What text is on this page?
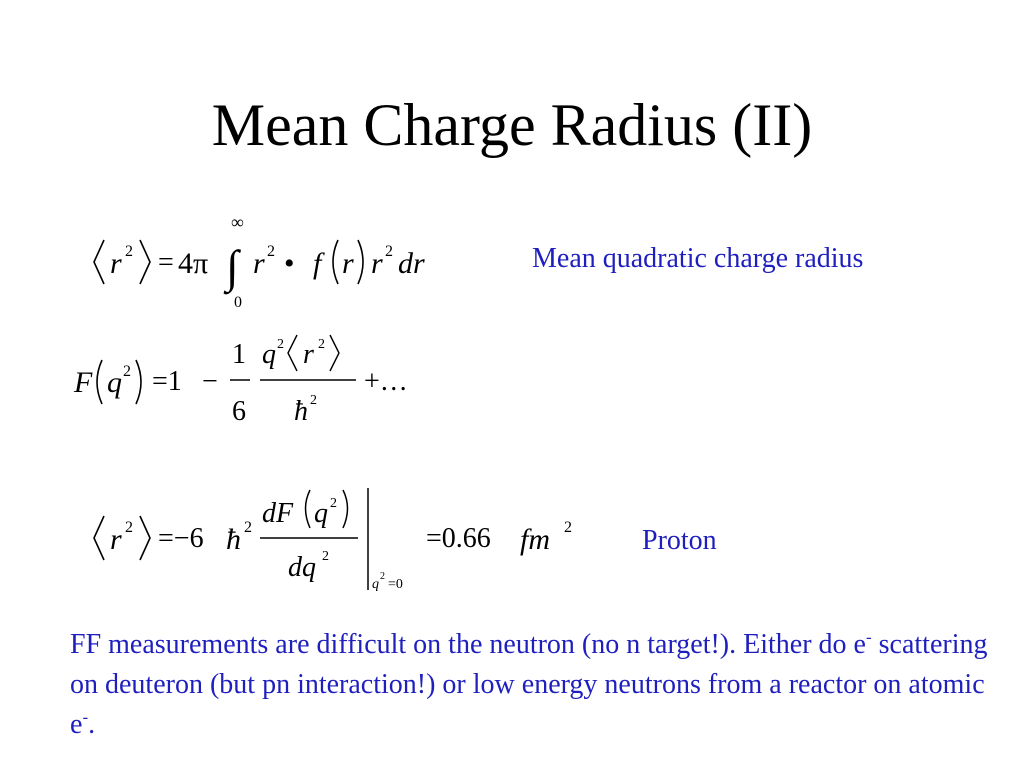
Mean Charge Radius (II)
r 2 = 4π ∫
∞
0
r 2 • f r r 2 dr	Mean quadratic charge radius
F q 2 =1 −
1
6
q 2 r 2
ħ 2
+…
r 2 =−6 ħ 2 dF q 2
dq 2
q
2
=0
=0.66 fm 2	Proton
FF measurements are difficult on the neutron (no n target!). Either do e- scattering on deuteron (but pn interaction!) or low energy neutrons from a reactor on atomic e-.
